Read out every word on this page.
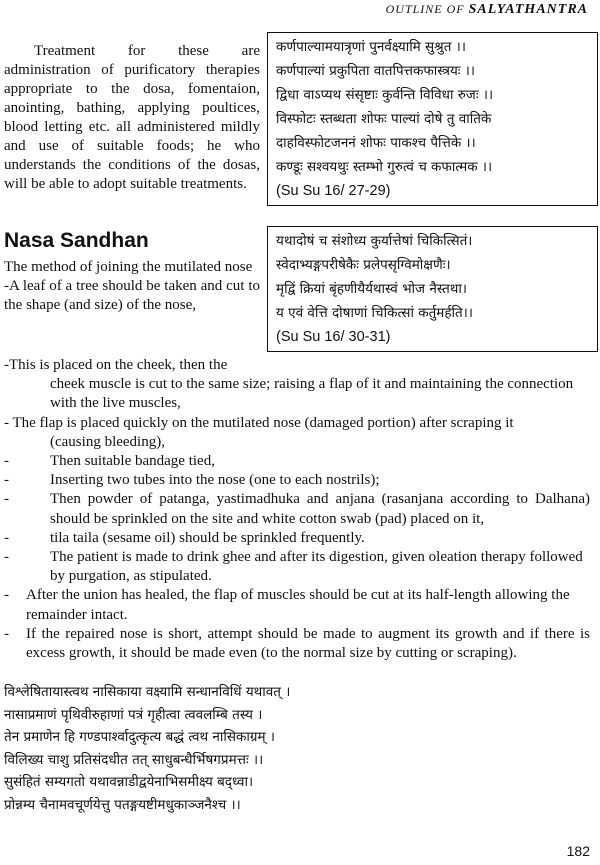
OUTLINE OF SALYATHANTRA
कर्णपाल्यामयात्रृणां पुनर्वक्ष्यामि सुश्रुत ।।
कर्णपाल्यां प्रकुपिता वातपित्तकफास्त्रयः ।।
द्विधा वाऽप्यथ संसृष्टाः कुर्वन्ति विविधा रुजः ।।
विस्फोटः स्तब्धता शोफः पाल्यां दोषे तु वातिके
दाहविस्फोटजननं शोफः पाकश्च पैत्तिके ।।
कण्डूः सश्वयथुः स्तम्भो गुरुत्वं च कफात्मक ।।
(Su Su 16/ 27-29)
Treatment for these are administration of purificatory therapies appropriate to the dosa, fomentaion, anointing, bathing, applying poultices, blood letting etc. all administered mildly and use of suitable foods; he who understands the conditions of the dosas, will be able to adopt suitable treatments.
Nasa Sandhan	यथादोषं च संशोध्य कुर्यात्तेषां चिकित्सितं।
स्वेदाभ्यङ्गपरीषेकैः प्रलेपसृग्विमोक्षणैः।
मृद्विं क्रियां बृंहणीयैर्यथास्वं भोज नैस्तथा।
य एवं वेत्ति दोषाणां चिकित्सां कर्तुमर्हति।।
(Su Su 16/ 30-31)

The method of joining the mutilated nose

-A leaf of a tree should be taken and cut to the shape (and size) of the nose,

-This is placed on the cheek, then the
cheek muscle is cut to the same size; raising a flap of it and maintaining the connection with the live muscles,
- The flap is placed quickly on the mutilated nose (damaged portion) after scraping it
(causing bleeding),
-	Then suitable bandage tied,
-	Inserting two tubes into the nose (one to each nostrils);
-	Then powder of patanga, yastimadhuka and anjana (rasanjana according to Dalhana) should be sprinkled on the site and white cotton swab (pad) placed on it,
-	tila taila (sesame oil) should be sprinkled frequently.
-	The patient is made to drink ghee and after its digestion, given oleation therapy followed by purgation, as stipulated.
- After the union has healed, the flap of muscles should be cut at its half-length allowing the remainder intact.
- If the repaired nose is short, attempt should be made to augment its growth and if there is excess growth, it should be made even (to the normal size by cutting or scraping).
विश्लेषितायास्त्वथ नासिकाया वक्ष्यामि सन्धानविधिं यथावत् ।
नासाप्रमाणं पृथिवीरुहाणां पत्रं गृहीत्वा त्ववलम्बि तस्य ।
तेन प्रमाणेन हि गण्डपार्श्वादुत्कृत्य बद्धं त्वथ नासिकाग्रम् ।
विलिख्य चाशु प्रतिसंदधीत तत् साधुबन्धैर्भिषगप्रमत्तः ।।
सुसंहितं सम्यगतो यथावन्नाडीद्वयेनाभिसमीक्ष्य बद्ध्वा।
प्रोन्नम्य चैनामवचूर्णयेत्तु पतङ्गयष्टीमधुकाञ्जनैश्च ।।
182
